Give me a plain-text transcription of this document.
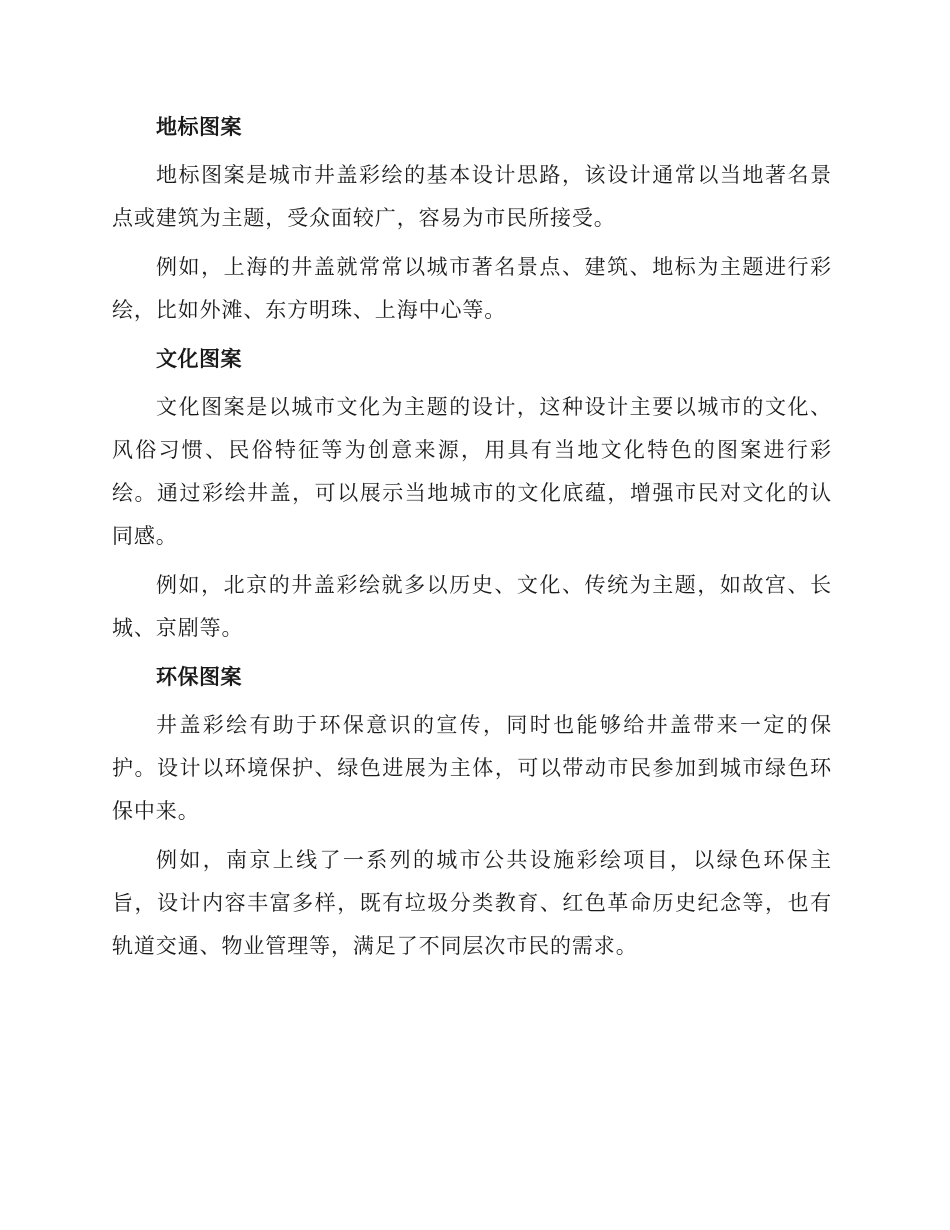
地标图案

地标图案是城市井盖彩绘的基本设计思路，该设计通常以当地著名景点或建筑为主题，受众面较广，容易为市民所接受。

例如，上海的井盖就常常以城市著名景点、建筑、地标为主题进行彩绘，比如外滩、东方明珠、上海中心等。

文化图案

文化图案是以城市文化为主题的设计，这种设计主要以城市的文化、风俗习惯、民俗特征等为创意来源，用具有当地文化特色的图案进行彩绘。通过彩绘井盖，可以展示当地城市的文化底蕴，增强市民对文化的认同感。

例如，北京的井盖彩绘就多以历史、文化、传统为主题，如故宫、长城、京剧等。

环保图案

井盖彩绘有助于环保意识的宣传，同时也能够给井盖带来一定的保护。设计以环境保护、绿色进展为主体，可以带动市民参加到城市绿色环保中来。

例如，南京上线了一系列的城市公共设施彩绘项目，以绿色环保主旨，设计内容丰富多样，既有垃圾分类教育、红色革命历史纪念等，也有轨道交通、物业管理等，满足了不同层次市民的需求。
